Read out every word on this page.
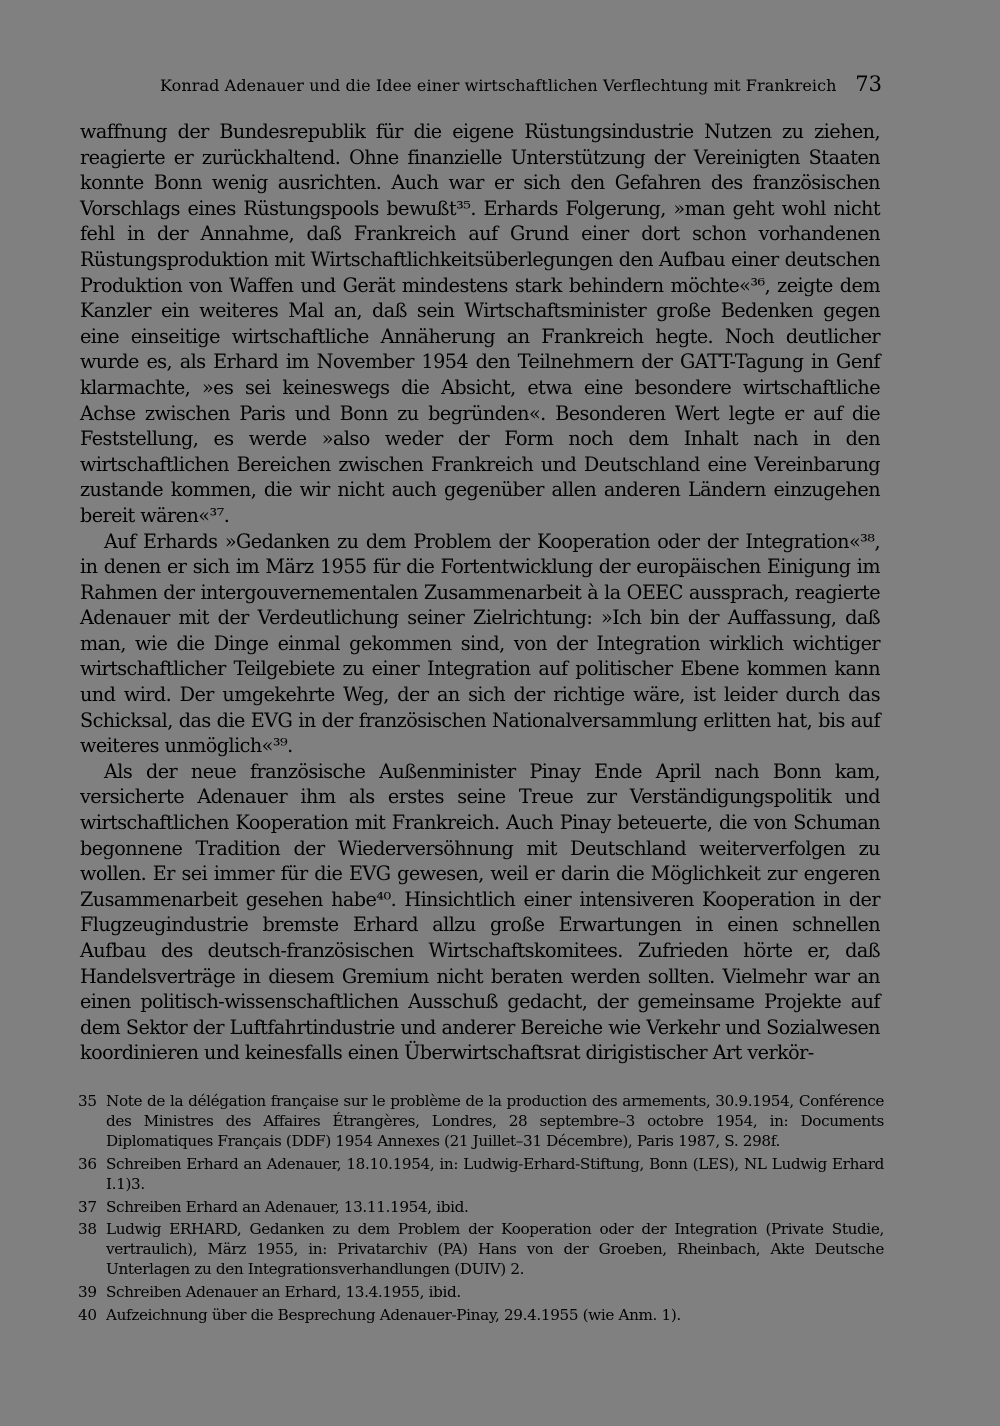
Konrad Adenauer und die Idee einer wirtschaftlichen Verflechtung mit Frankreich 73

waffnung der Bundesrepublik für die eigene Rüstungsindustrie Nutzen zu ziehen, reagierte er zurückhaltend. Ohne finanzielle Unterstützung der Vereinigten Staaten konnte Bonn wenig ausrichten. Auch war er sich den Gefahren des französischen Vorschlags eines Rüstungspools bewußt³⁵. Erhards Folgerung, »man geht wohl nicht fehl in der Annahme, daß Frankreich auf Grund einer dort schon vorhandenen Rüstungsproduktion mit Wirtschaftlichkeitsüberlegungen den Aufbau einer deutschen Produktion von Waffen und Gerät mindestens stark behindern möchte«³⁶, zeigte dem Kanzler ein weiteres Mal an, daß sein Wirtschaftsminister große Bedenken gegen eine einseitige wirtschaftliche Annäherung an Frankreich hegte. Noch deutlicher wurde es, als Erhard im November 1954 den Teilnehmern der GATT-Tagung in Genf klarmachte, »es sei keineswegs die Absicht, etwa eine besondere wirtschaftliche Achse zwischen Paris und Bonn zu begründen«. Besonderen Wert legte er auf die Feststellung, es werde »also weder der Form noch dem Inhalt nach in den wirtschaftlichen Bereichen zwischen Frankreich und Deutschland eine Vereinbarung zustande kommen, die wir nicht auch gegenüber allen anderen Ländern einzugehen bereit wären«³⁷.

Auf Erhards »Gedanken zu dem Problem der Kooperation oder der Integration«³⁸, in denen er sich im März 1955 für die Fortentwicklung der europäischen Einigung im Rahmen der intergouvernementalen Zusammenarbeit à la OEEC aussprach, reagierte Adenauer mit der Verdeutlichung seiner Zielrichtung: »Ich bin der Auffassung, daß man, wie die Dinge einmal gekommen sind, von der Integration wirklich wichtiger wirtschaftlicher Teilgebiete zu einer Integration auf politischer Ebene kommen kann und wird. Der umgekehrte Weg, der an sich der richtige wäre, ist leider durch das Schicksal, das die EVG in der französischen Nationalversammlung erlitten hat, bis auf weiteres unmöglich«³⁹.

Als der neue französische Außenminister Pinay Ende April nach Bonn kam, versicherte Adenauer ihm als erstes seine Treue zur Verständigungspolitik und wirtschaftlichen Kooperation mit Frankreich. Auch Pinay beteuerte, die von Schuman begonnene Tradition der Wiederversöhnung mit Deutschland weiterverfolgen zu wollen. Er sei immer für die EVG gewesen, weil er darin die Möglichkeit zur engeren Zusammenarbeit gesehen habe⁴⁰. Hinsichtlich einer intensiveren Kooperation in der Flugzeugindustrie bremste Erhard allzu große Erwartungen in einen schnellen Aufbau des deutsch-französischen Wirtschaftskomitees. Zufrieden hörte er, daß Handelsverträge in diesem Gremium nicht beraten werden sollten. Vielmehr war an einen politisch-wissenschaftlichen Ausschuß gedacht, der gemeinsame Projekte auf dem Sektor der Luftfahrtindustrie und anderer Bereiche wie Verkehr und Sozialwesen koordinieren und keinesfalls einen Überwirtschaftsrat dirigistischer Art verkör-

35 Note de la délégation française sur le problème de la production des armements, 30.9.1954, Conférence des Ministres des Affaires Étrangères, Londres, 28 septembre–3 octobre 1954, in: Documents Diplomatiques Français (DDF) 1954 Annexes (21 Juillet–31 Décembre), Paris 1987, S. 298f.
36 Schreiben Erhard an Adenauer, 18.10.1954, in: Ludwig-Erhard-Stiftung, Bonn (LES), NL Ludwig Erhard I.1)3.
37 Schreiben Erhard an Adenauer, 13.11.1954, ibid.
38 Ludwig ERHARD, Gedanken zu dem Problem der Kooperation oder der Integration (Private Studie, vertraulich), März 1955, in: Privatarchiv (PA) Hans von der Groeben, Rheinbach, Akte Deutsche Unterlagen zu den Integrationsverhandlungen (DUIV) 2.
39 Schreiben Adenauer an Erhard, 13.4.1955, ibid.
40 Aufzeichnung über die Besprechung Adenauer-Pinay, 29.4.1955 (wie Anm. 1).
